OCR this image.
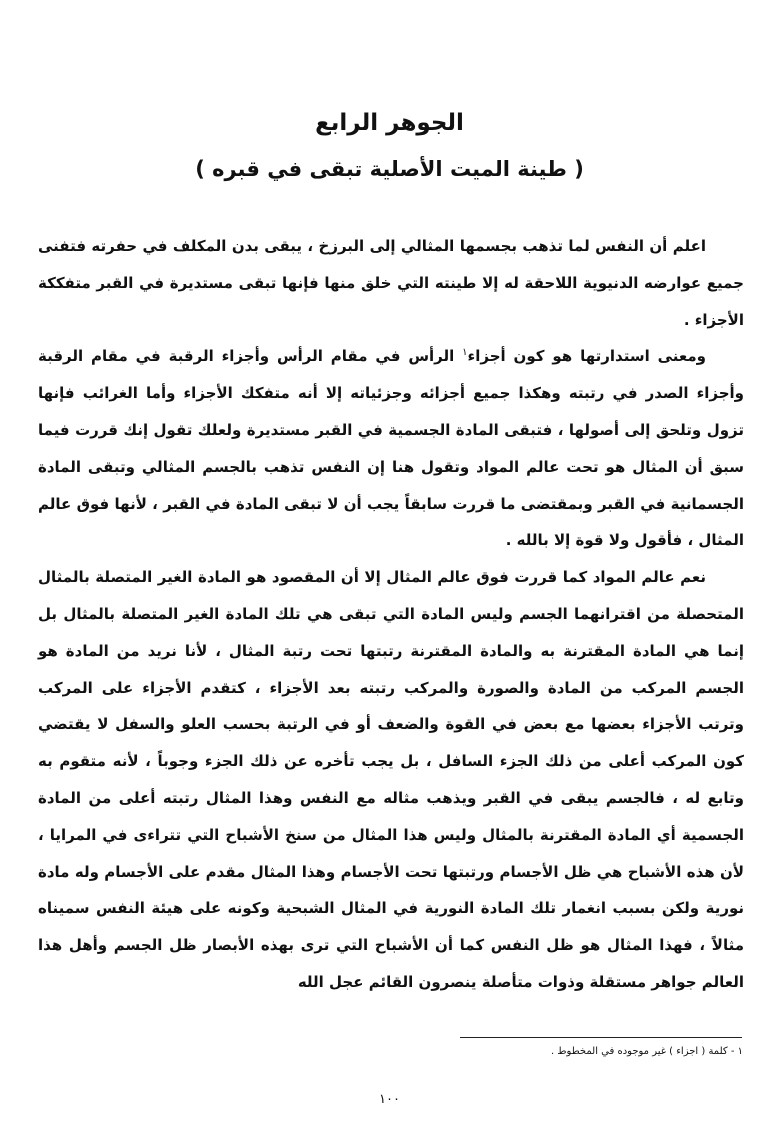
الجوهر الرابع
( طينة الميت الأصلية تبقى في قبره )

اعلم أن النفس لما تذهب بجسمها المثالي إلى البرزخ ، يبقى بدن المكلف في حفرته فتفنى جميع عوارضه الدنيوية اللاحقة له إلا طينته التي خلق منها فإنها تبقى مستديرة في القبر متفككة الأجزاء .

ومعنى استدارتها هو كون أجزاء$^١$ الرأس في مقام الرأس وأجزاء الرقبة في مقام الرقبة وأجزاء الصدر في رتبته وهكذا جميع أجزائه وجزئياته إلا أنه متفكك الأجزاء وأما الغرائب فإنها تزول وتلحق إلى أصولها ، فتبقى المادة الجسمية في القبر مستديرة ولعلك تقول إنك قررت فيما سبق أن المثال هو تحت عالم المواد وتقول هنا إن النفس تذهب بالجسم المثالي وتبقى المادة الجسمانية في القبر وبمقتضى ما قررت سابقاً يجب أن لا تبقى المادة في القبر ، لأنها فوق عالم المثال ، فأقول ولا قوة إلا بالله .

نعم عالم المواد كما قررت فوق عالم المثال إلا أن المقصود هو المادة الغير المتصلة بالمثال المتحصلة من اقترانهما الجسم وليس المادة التي تبقى هي تلك المادة الغير المتصلة بالمثال بل إنما هي المادة المقترنة به والمادة المقترنة رتبتها تحت رتبة المثال ، لأنا نريد من المادة هو الجسم المركب من المادة والصورة والمركب رتبته بعد الأجزاء ، كتقدم الأجزاء على المركب وترتب الأجزاء بعضها مع بعض في القوة والضعف أو في الرتبة بحسب العلو والسفل لا يقتضي كون المركب أعلى من ذلك الجزء السافل ، بل يجب تأخره عن ذلك الجزء وجوباً ، لأنه متقوم به وتابع له ، فالجسم يبقى في القبر ويذهب مثاله مع النفس وهذا المثال رتبته أعلى من المادة الجسمية أي المادة المقترنة بالمثال وليس هذا المثال من سنخ الأشباح التي تتراءى في المرايا ، لأن هذه الأشباح هي ظل الأجسام ورتبتها تحت الأجسام وهذا المثال مقدم على الأجسام وله مادة نورية ولكن بسبب انغمار تلك المادة النورية في المثال الشبحية وكونه على هيئة النفس سميناه مثالاً ، فهذا المثال هو ظل النفس كما أن الأشباح التي ترى بهذه الأبصار ظل الجسم وأهل هذا العالم جواهر مستقلة وذوات متأصلة ينصرون القائم عجل الله

١ - كلمة ( اجزاء ) غير موجوده في المخطوط .
١٠٠
